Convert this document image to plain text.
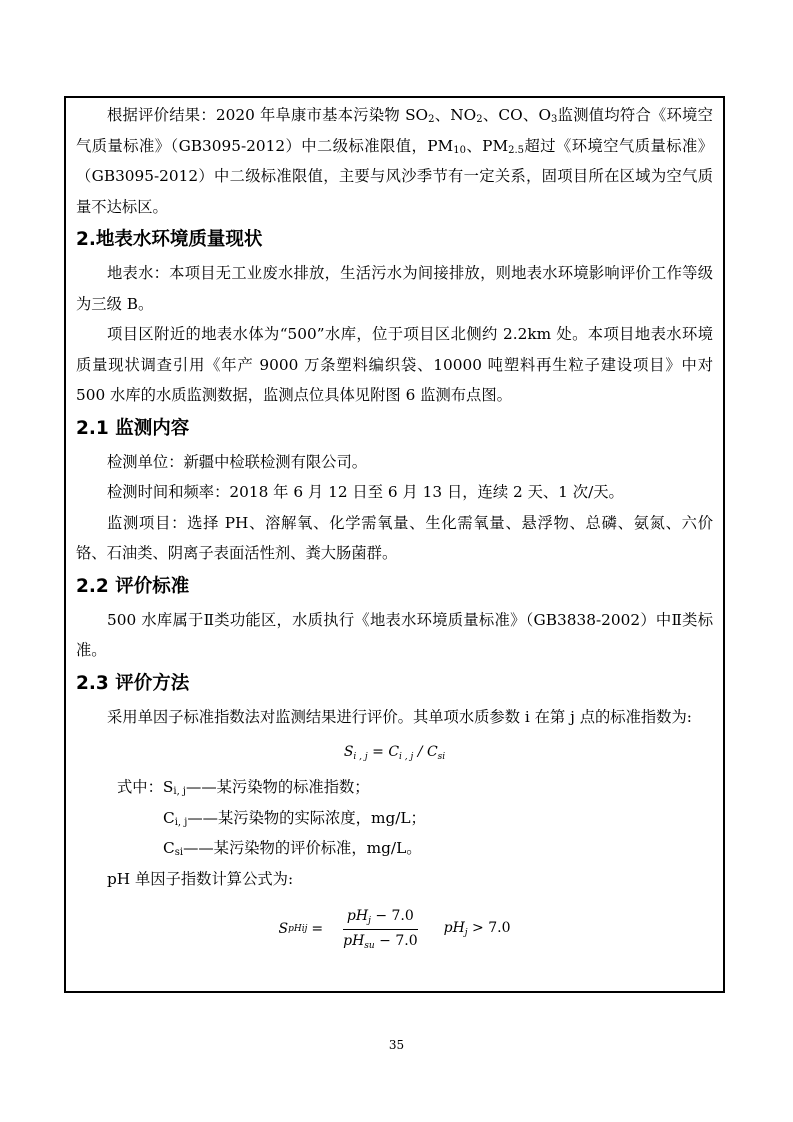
根据评价结果：2020 年阜康市基本污染物 $SO_2$、$NO_2$、CO、$O_3$监测值均符合《环境空气质量标准》（GB3095-2012）中二级标准限值，$PM_{10}$、$PM_{2.5}$超过《环境空气质量标准》（GB3095-2012）中二级标准限值，主要与风沙季节有一定关系，固项目所在区域为空气质量不达标区。

2.地表水环境质量现状

地表水：本项目无工业废水排放，生活污水为间接排放，则地表水环境影响评价工作等级为三级 B。

项目区附近的地表水体为“500”水库，位于项目区北侧约 2.2km 处。本项目地表水环境质量现状调查引用《年产 9000 万条塑料编织袋、10000 吨塑料再生粒子建设项目》中对 500 水库的水质监测数据，监测点位具体见附图 6 监测布点图。

2.1 监测内容

检测单位：新疆中检联检测有限公司。

检测时间和频率：2018 年 6 月 12 日至 6 月 13 日，连续 2 天、1 次/天。

监测项目：选择 PH、溶解氧、化学需氧量、生化需氧量、悬浮物、总磷、氨氮、六价铬、石油类、阴离子表面活性剂、粪大肠菌群。

2.2 评价标准

500 水库属于Ⅱ类功能区，水质执行《地表水环境质量标准》（GB3838-2002）中Ⅱ类标准。

2.3 评价方法

采用单因子标准指数法对监测结果进行评价。其单项水质参数 i 在第 j 点的标准指数为:

$S_{i , j} = C_{i , j} / C_{si}$

式中：$S_{i, j}——$某污染物的标准指数；

$C_{i, j}——$某污染物的实际浓度，mg/L；

$C_{si}——$某污染物的评价标准，mg/L。

pH 单因子指数计算公式为:

S pHij = $\frac{pH_j - 7.0}{pH_{su} - 7.0} pH_j > 7.0$
35
